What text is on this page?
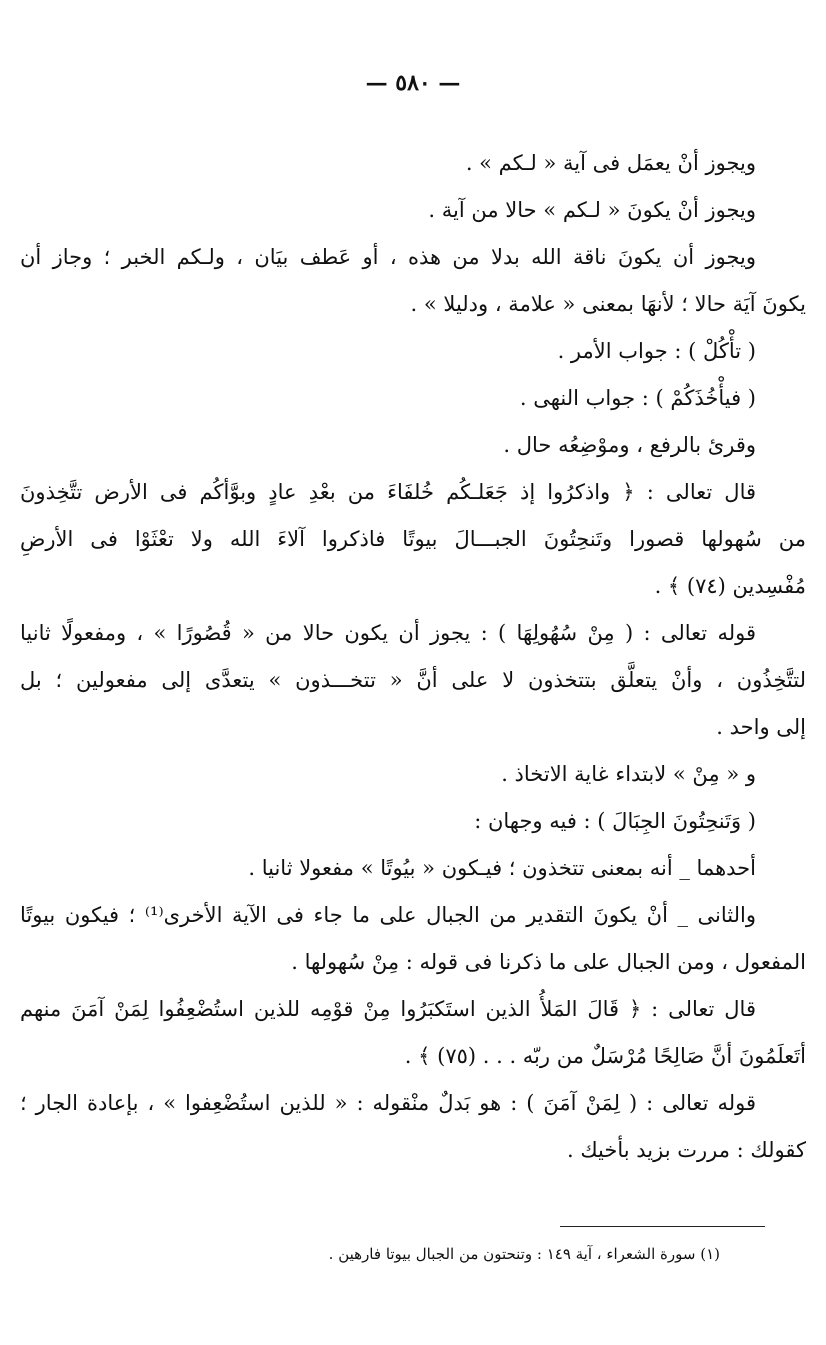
— ٥٨٠ —
ويجوز أنْ يعمَل فى آية « لـكم » .
ويجوز أنْ يكونَ « لـكم » حالا من آية .
ويجوز أن يكونَ ناقة الله بدلا من هذه ، أو عَطف بيَان ، ولـكم الخبر ؛ وجاز أن
يكونَ آيَة حالا ؛ لأنهَا بمعنى « علامة ، ودليلا » .
( تأْكُلْ ) : جواب الأمر .
( فيأْخُذَكُمْ ) : جواب النهى .
وقرئ بالرفع ، وموْضِعُه حال .
قال تعالى : ﴿ واذكرُوا إذ جَعَلـكُم خُلفَاءَ من بعْدِ عادٍ وبوَّأكُم فى الأرض تتَّخِذونَ
من سُهولها قصورا وتَنحِتُونَ الجبـــالَ بيوتًا فاذكروا آلاءَ الله ولا تعْثَوْا فى الأرضِ
مُفْسِدين (٧٤) ﴾ .
قوله تعالى : ( مِنْ سُهُولِهَا ) : يجوز أن يكون حالا من « قُصُورًا » ، ومفعولًا ثانيا
لتتَّخِذُون ، وأنْ يتعلَّق بتتخذون لا على أنَّ « تتخـــذون » يتعدَّى إلى مفعولين ؛ بل
إلى واحد .
و « مِنْ » لابتداء غاية الاتخاذ .
( وَتَنحِتُونَ الجِبَالَ ) : فيه وجهان :
أحدهما _ أنه بمعنى تتخذون ؛ فيـكون « بيُوتًا » مفعولا ثانيا .
والثانى _ أنْ يكونَ التقدير من الجبال على ما جاء فى الآية الأخرى⁽¹⁾ ؛ فيكون بيوتًا
المفعول ، ومن الجبال على ما ذكرنا فى قوله : مِنْ سُهولها .
قال تعالى : ﴿ قَالَ المَلأُ الذين استَكبَرُوا مِنْ قوْمِه للذين استُضْعِفُوا لِمَنْ آمَنَ منهم
أتَعلَمُونَ أنَّ صَالِحًا مُرْسَلٌ من ربّه . . . (٧٥) ﴾ .
قوله تعالى : ( لِمَنْ آمَنَ ) : هو بَدلٌ منْقوله : « للذين استُضْعِفوا » ، بإعادة الجار ؛
كقولك : مررت بزيد بأخيك .
(١) سورة الشعراء ، آية ١٤٩ : وتنحتون من الجبال بيوتا فارهين .
